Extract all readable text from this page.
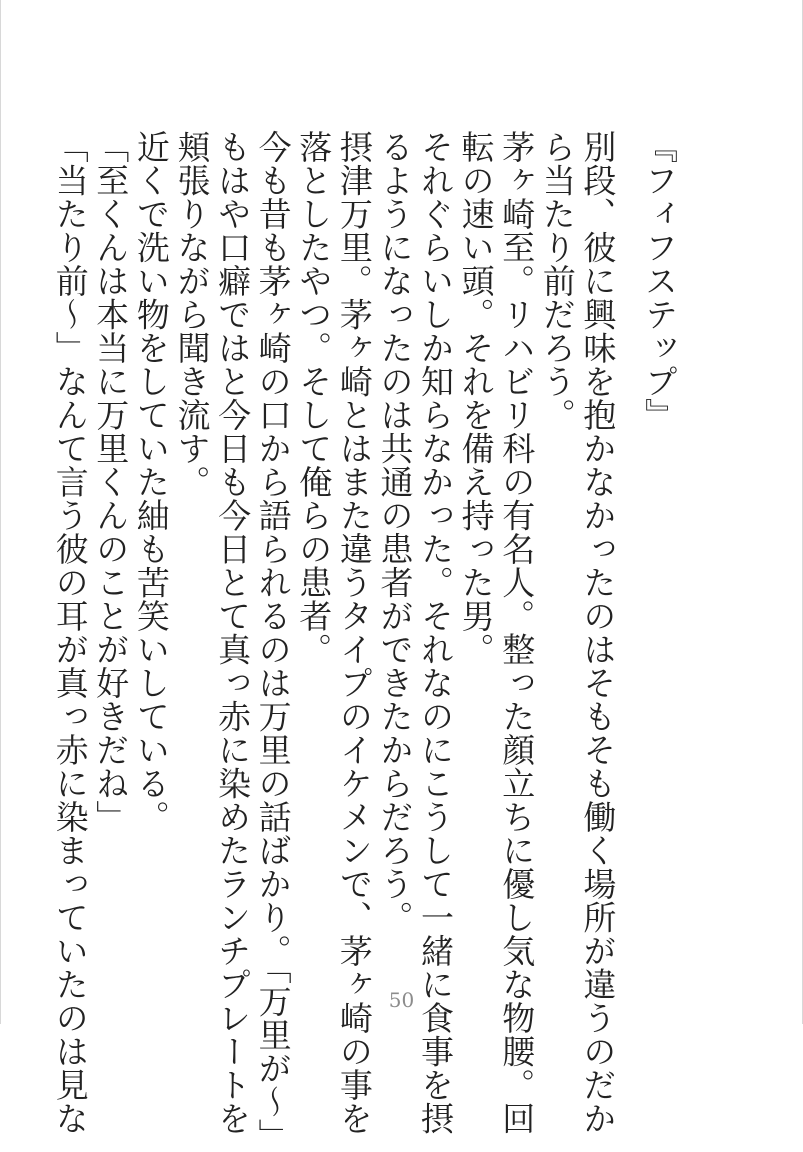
『フィフステップ』
別段、彼に興味を抱かなかったのはそもそも働く場所が違うのだか
ら当たり前だろう。
茅ヶ崎至。リハビリ科の有名人。整った顔立ちに優し気な物腰。回
転の速い頭。それを備え持った男。
それぐらいしか知らなかった。それなのにこうして一緒に食事を摂
るようになったのは共通の患者ができたからだろう。
摂津万里。茅ヶ崎とはまた違うタイプのイケメンで、茅ヶ崎の事を
落としたやつ。そして俺らの患者。
今も昔も茅ヶ崎の口から語られるのは万里の話ばかり。「万里が〜」
もはや口癖ではと今日も今日とて真っ赤に染めたランチプレートを
頬張りながら聞き流す。
近くで洗い物をしていた紬も苦笑いしている。
「至くんは本当に万里くんのことが好きだね」
「当たり前〜」なんて言う彼の耳が真っ赤に染まっていたのは見な	50
